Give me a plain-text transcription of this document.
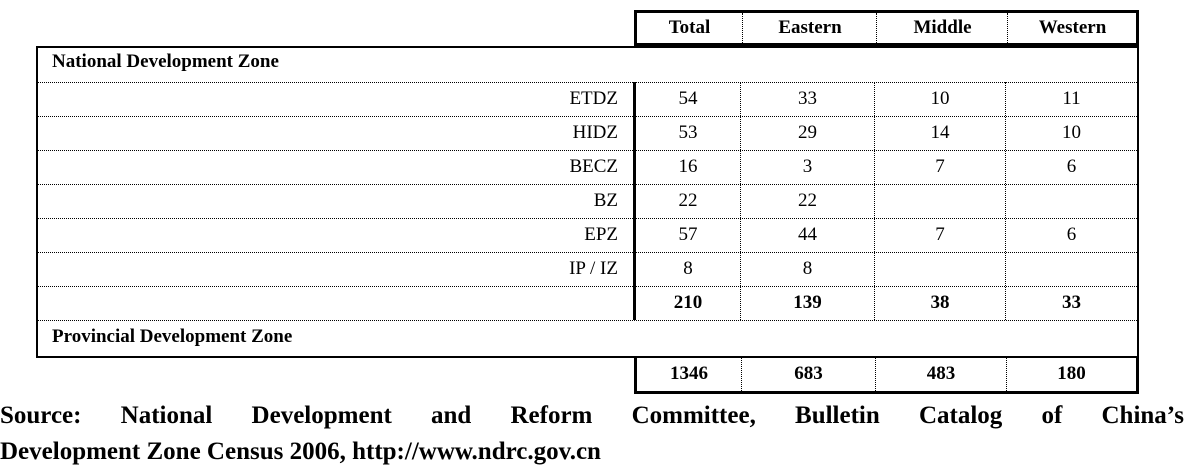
Total	Eastern	Middle	Western
National Development Zone
ETDZ	54	33	10	11
HIDZ	53	29	14	10
BECZ	16	3	7	6
BZ	22	22
EPZ	57	44	7	6
IP / IZ	8	8
210	139	38	33
Provincial Development Zone
1346	683	483	180
Source: National Development and Reform Committee, Bulletin Catalog of China’s
Development Zone Census 2006, http://www.ndrc.gov.cn
